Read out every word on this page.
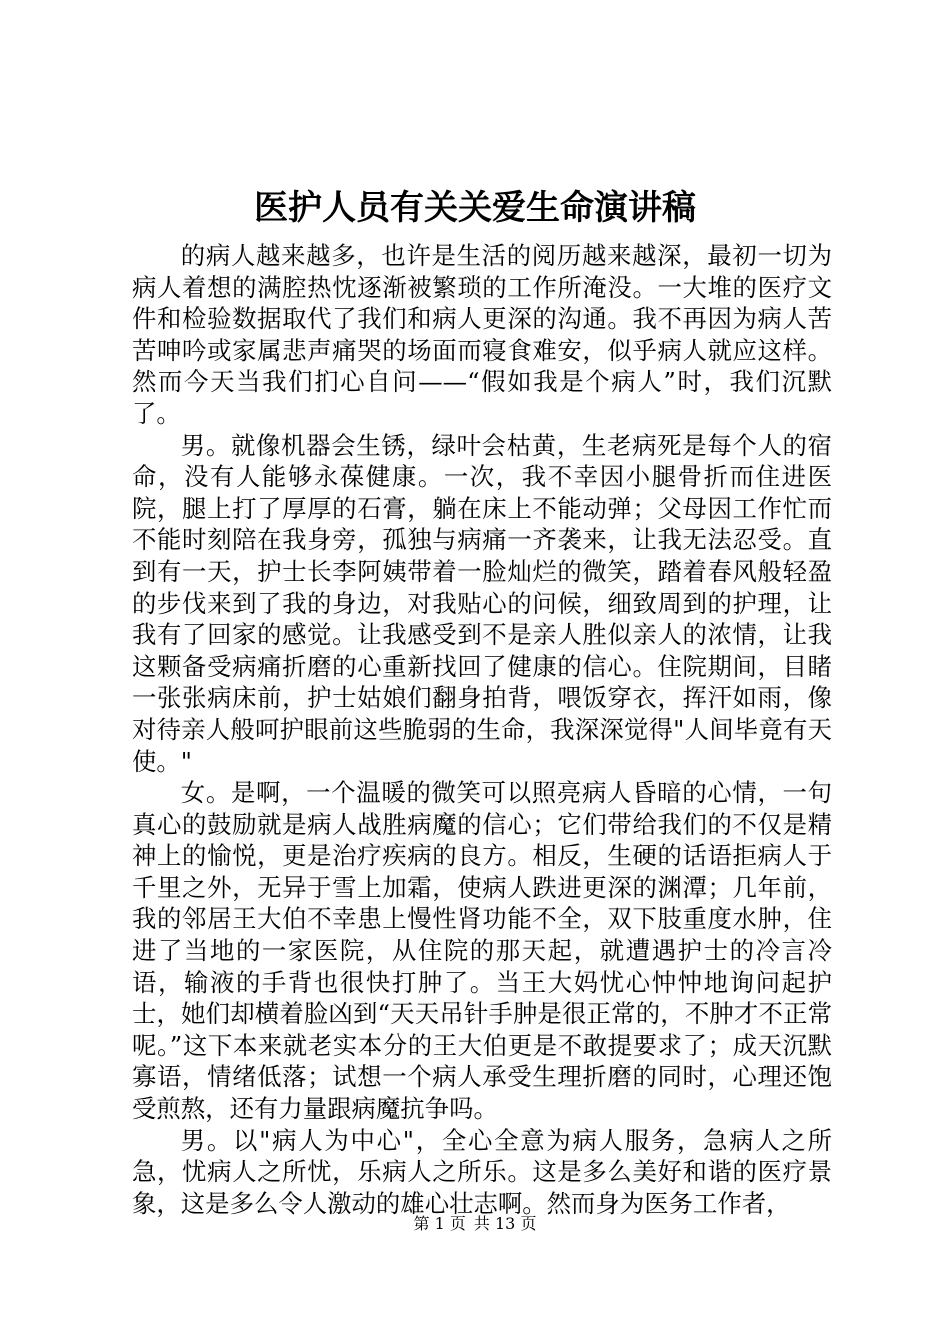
医护人员有关关爱生命演讲稿

的病人越来越多，也许是生活的阅历越来越深，最初一切为病人着想的满腔热忱逐渐被繁琐的工作所淹没。一大堆的医疗文件和检验数据取代了我们和病人更深的沟通。我不再因为病人苦苦呻吟或家属悲声痛哭的场面而寝食难安，似乎病人就应这样。然而今天当我们扪心自问——“假如我是个病人”时，我们沉默了。

男。就像机器会生锈，绿叶会枯黄，生老病死是每个人的宿命，没有人能够永葆健康。一次，我不幸因小腿骨折而住进医院，腿上打了厚厚的石膏，躺在床上不能动弹；父母因工作忙而不能时刻陪在我身旁，孤独与病痛一齐袭来，让我无法忍受。直到有一天，护士长李阿姨带着一脸灿烂的微笑，踏着春风般轻盈的步伐来到了我的身边，对我贴心的问候，细致周到的护理，让我有了回家的感觉。让我感受到不是亲人胜似亲人的浓情，让我这颗备受病痛折磨的心重新找回了健康的信心。住院期间，目睹一张张病床前，护士姑娘们翻身拍背，喂饭穿衣，挥汗如雨，像对待亲人般呵护眼前这些脆弱的生命，我深深觉得"人间毕竟有天使。"

女。是啊，一个温暖的微笑可以照亮病人昏暗的心情，一句真心的鼓励就是病人战胜病魔的信心；它们带给我们的不仅是精神上的愉悦，更是治疗疾病的良方。相反，生硬的话语拒病人于千里之外，无异于雪上加霜，使病人跌进更深的渊潭；几年前，我的邻居王大伯不幸患上慢性肾功能不全，双下肢重度水肿，住进了当地的一家医院，从住院的那天起，就遭遇护士的冷言冷语，输液的手背也很快打肿了。当王大妈忧心忡忡地询问起护士，她们却横着脸凶到“天天吊针手肿是很正常的，不肿才不正常呢。”这下本来就老实本分的王大伯更是不敢提要求了；成天沉默寡语，情绪低落；试想一个病人承受生理折磨的同时，心理还饱受煎熬，还有力量跟病魔抗争吗。

男。以"病人为中心"，全心全意为病人服务，急病人之所急，忧病人之所忧，乐病人之所乐。这是多么美好和谐的医疗景象，这是多么令人激动的雄心壮志啊。然而身为医务工作者，

第 1 页 共 13 页
